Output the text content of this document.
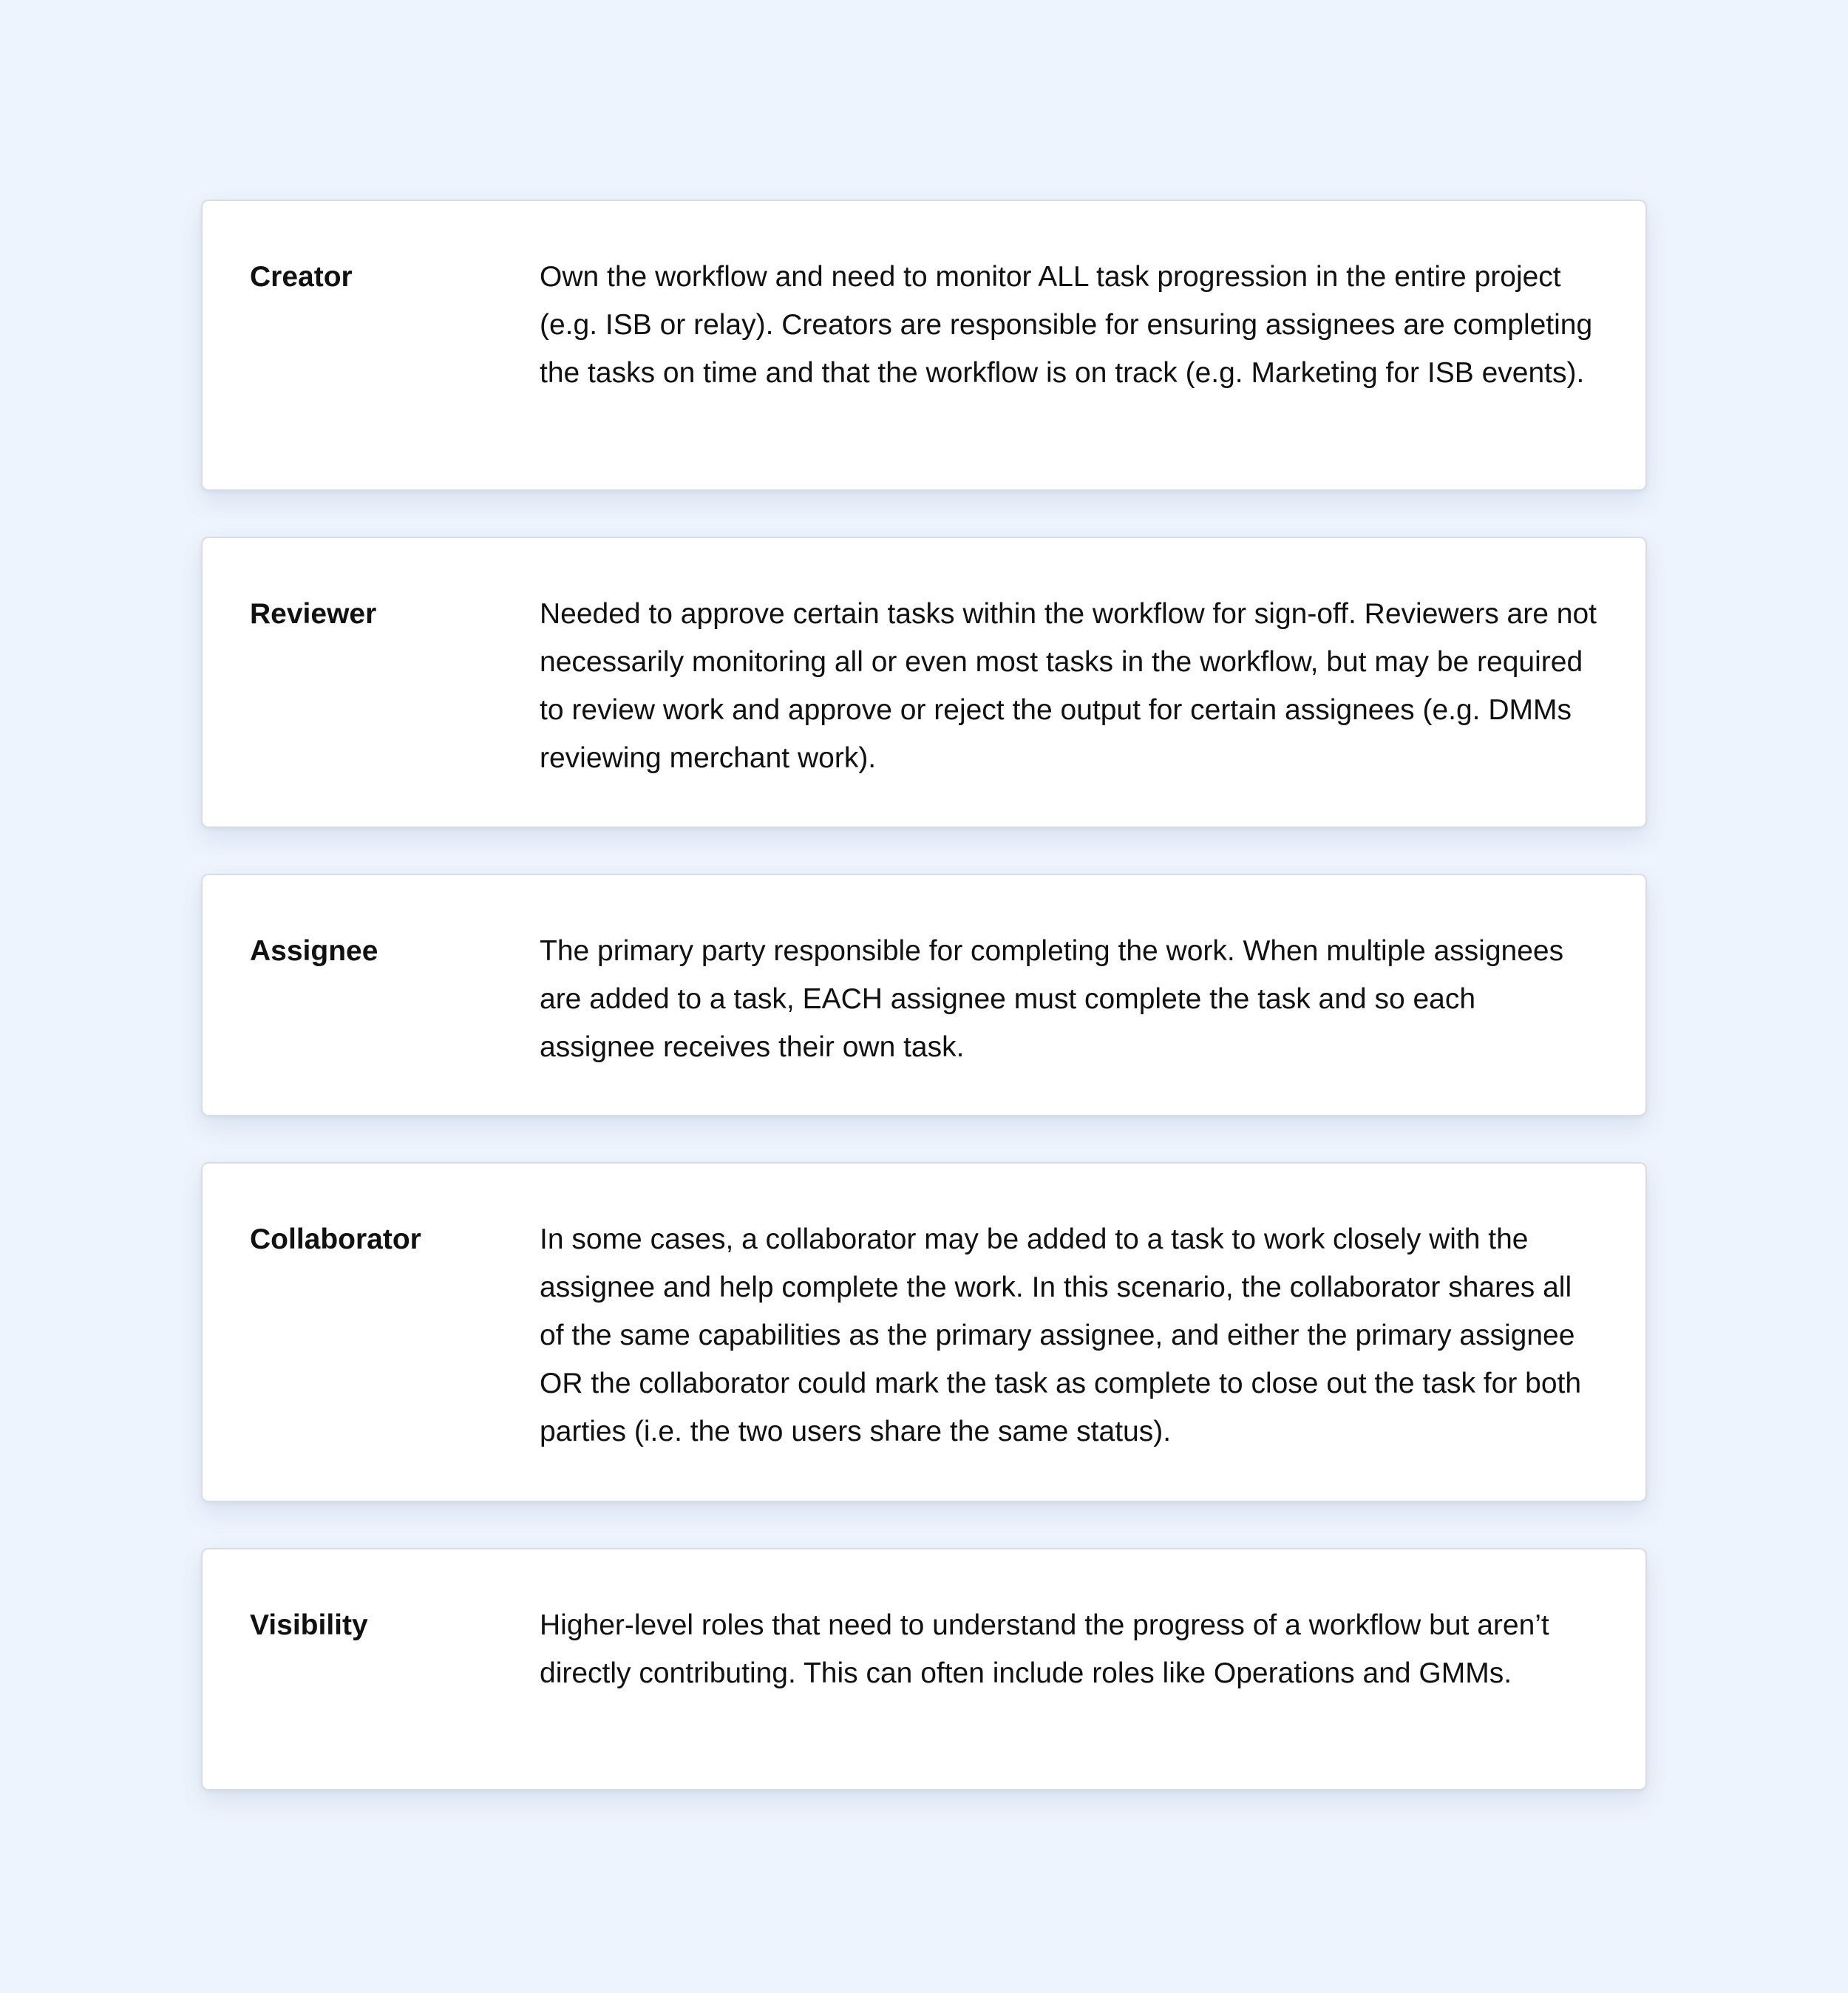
Creator	Own the workflow and need to monitor ALL task progression in the entire project (e.g. ISB or relay). Creators are responsible for ensuring assignees are completing the tasks on time and that the workflow is on track (e.g. Marketing for ISB events).

Reviewer	Needed to approve certain tasks within the workflow for sign-off. Reviewers are not necessarily monitoring all or even most tasks in the workflow, but may be required to review work and approve or reject the output for certain assignees (e.g. DMMs reviewing merchant work).

Assignee	The primary party responsible for completing the work. When multiple assignees are added to a task, EACH assignee must complete the task and so each assignee receives their own task.

Collaborator	In some cases, a collaborator may be added to a task to work closely with the assignee and help complete the work. In this scenario, the collaborator shares all of the same capabilities as the primary assignee, and either the primary assignee OR the collaborator could mark the task as complete to close out the task for both parties (i.e. the two users share the same status).

Visibility	Higher-level roles that need to understand the progress of a workflow but aren’t directly contributing. This can often include roles like Operations and GMMs.
